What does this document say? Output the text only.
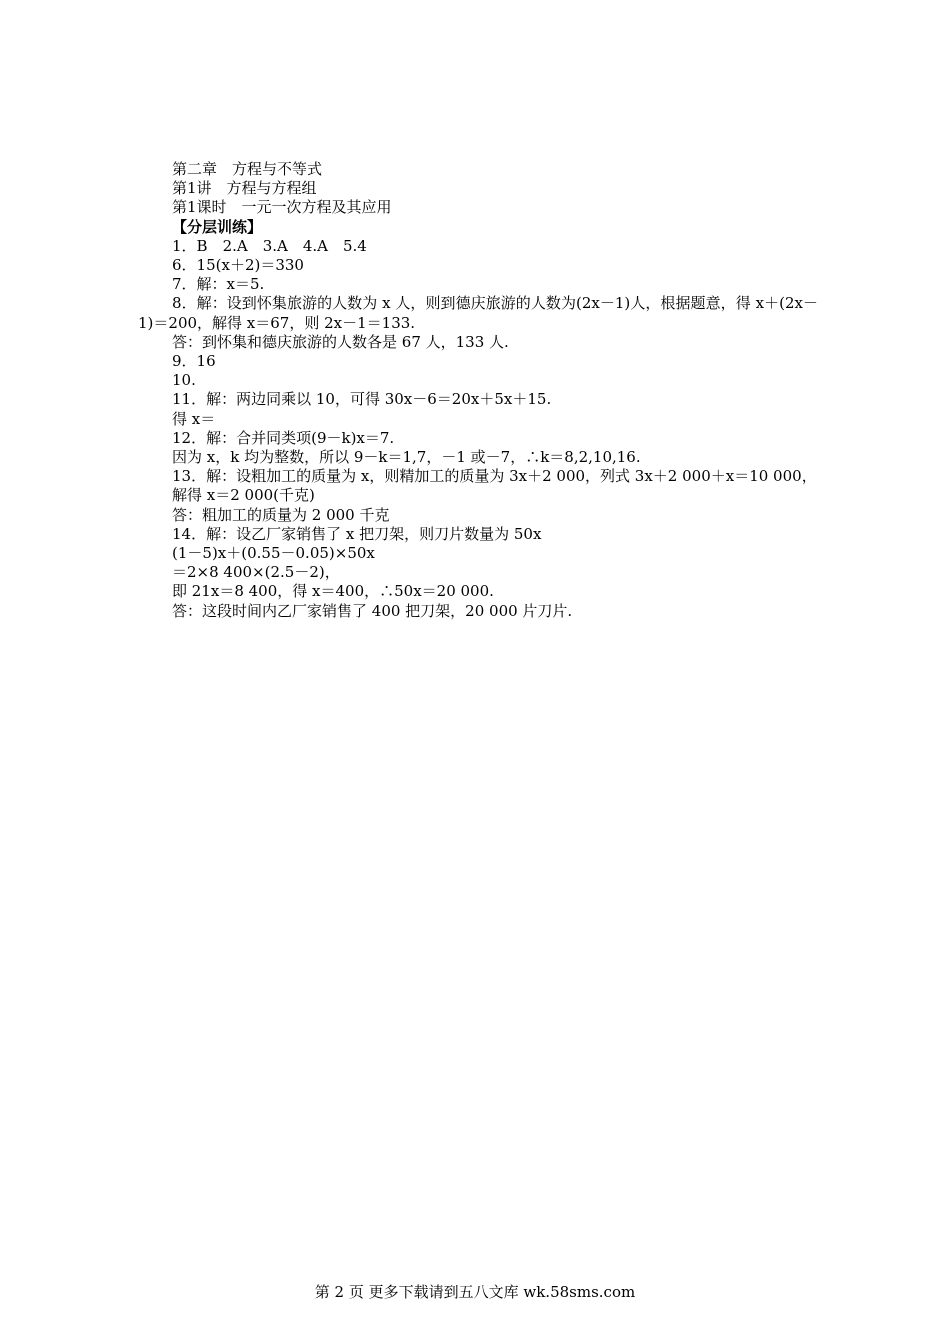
第二章　方程与不等式
第1讲　方程与方程组
第1课时　一元一次方程及其应用
【分层训练】
1．B　2.A　3.A　4.A　5.4
6．15(x＋2)＝330
7．解：x＝5.
8．解：设到怀集旅游的人数为 x 人，则到德庆旅游的人数为(2x－1)人，根据题意，得 x＋(2x－1)＝200，解得 x＝67，则 2x－1＝133.
答：到怀集和德庆旅游的人数各是 67 人，133 人.
9．16
10.
11．解：两边同乘以 10，可得 30x－6＝20x＋5x＋15.
得 x＝
12．解：合并同类项(9－k)x＝7.
因为 x，k 均为整数，所以 9－k＝1,7，－1 或－7，∴k＝8,2,10,16.
13．解：设粗加工的质量为 x，则精加工的质量为 3x＋2 000，列式 3x＋2 000＋x＝10 000，
解得 x＝2 000(千克)
答：粗加工的质量为 2 000 千克
14．解：设乙厂家销售了 x 把刀架，则刀片数量为 50x
(1－5)x＋(0.55－0.05)×50x
＝2×8 400×(2.5－2)，
即 21x＝8 400，得 x＝400，∴50x＝20 000.
答：这段时间内乙厂家销售了 400 把刀架，20 000 片刀片.
第 2 页 更多下载请到五八文库 wk.58sms.com
